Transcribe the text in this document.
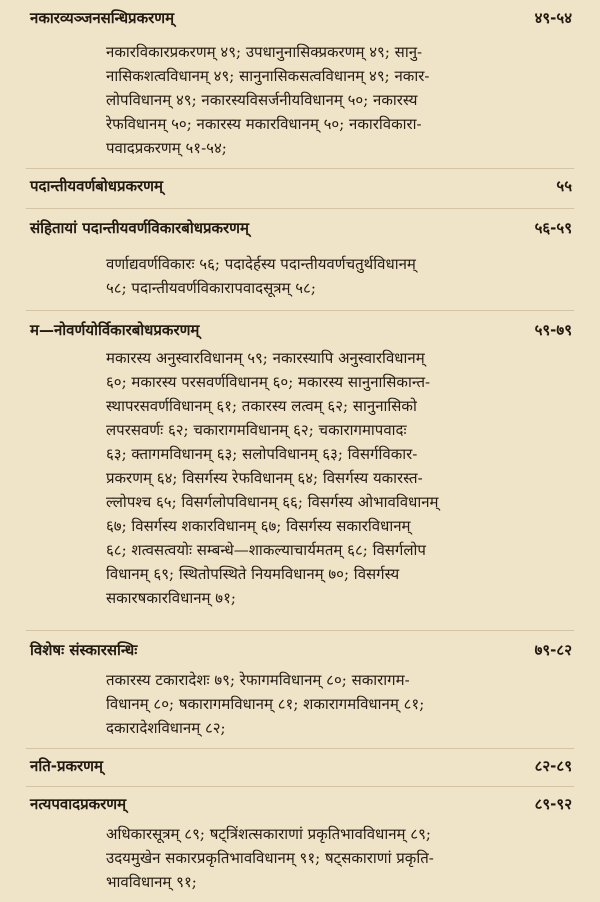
नकारव्यञ्जनसन्धिप्रकरणम्	४९-५४
नकारविकारप्रकरणम् ४९; उपधानुनासिक्प्रकरणम् ४९; सानु-
नासिकशत्वविधानम् ४९; सानुनासिकसत्वविधानम् ४९; नकार-
लोपविधानम् ४९; नकारस्यविसर्जनीयविधानम् ५०; नकारस्य
रेफविधानम् ५०; नकारस्य मकारविधानम् ५०; नकारविकारा-
पवादप्रकरणम् ५१-५४;
पदान्तीयवर्णबोधप्रकरणम्	५५
संहितायां पदान्तीयवर्णविकारबोधप्रकरणम्	५६-५९
वर्णाद्यवर्णविकारः ५६; पदादेर्हस्य पदान्तीयवर्णचतुर्थविधानम्
५८; पदान्तीयवर्णविकारापवादसूत्रम् ५८;
म—नोवर्णयोर्विकारबोधप्रकरणम्	५९-७९
मकारस्य अनुस्वारविधानम् ५९; नकारस्यापि अनुस्वारविधानम्
६०; मकारस्य परसवर्णविधानम् ६०; मकारस्य सानुनासिकान्त-
स्थापरसवर्णविधानम् ६१; तकारस्य लत्वम् ६२; सानुनासिको
लपरसवर्णः ६२; चकारागमविधानम् ६२; चकारागमापवादः
६३; क्तागमविधानम् ६३; सलोपविधानम् ६३; विसर्गविकार-
प्रकरणम् ६४; विसर्गस्य रेफविधानम् ६४; विसर्गस्य यकारस्त-
ल्लोपश्च ६५; विसर्गलोपविधानम् ६६; विसर्गस्य ओभावविधानम्
६७; विसर्गस्य शकारविधानम् ६७; विसर्गस्य सकारविधानम्
६८; शत्वसत्वयोः सम्बन्धे—शाकल्याचार्यमतम् ६८; विसर्गलोप
विधानम् ६९; स्थितोपस्थिते नियमविधानम् ७०; विसर्गस्य
सकारषकारविधानम् ७१;
विशेषः संस्कारसन्धिः	७९-८२
तकारस्य टकारादेशः ७९; रेफागमविधानम् ८०; सकारागम-
विधानम् ८०; षकारागमविधानम् ८१; शकारागमविधानम् ८१;
दकारादेशविधानम् ८२;
नति-प्रकरणम्	८२-८९
नत्यपवादप्रकरणम्	८९-९२
अधिकारसूत्रम् ८९; षट्त्रिंशत्सकाराणां प्रकृतिभावविधानम् ८९;
उदयमुखेन सकारप्रकृतिभावविधानम् ९१; षट्सकाराणां प्रकृति-
भावविधानम् ९१;
